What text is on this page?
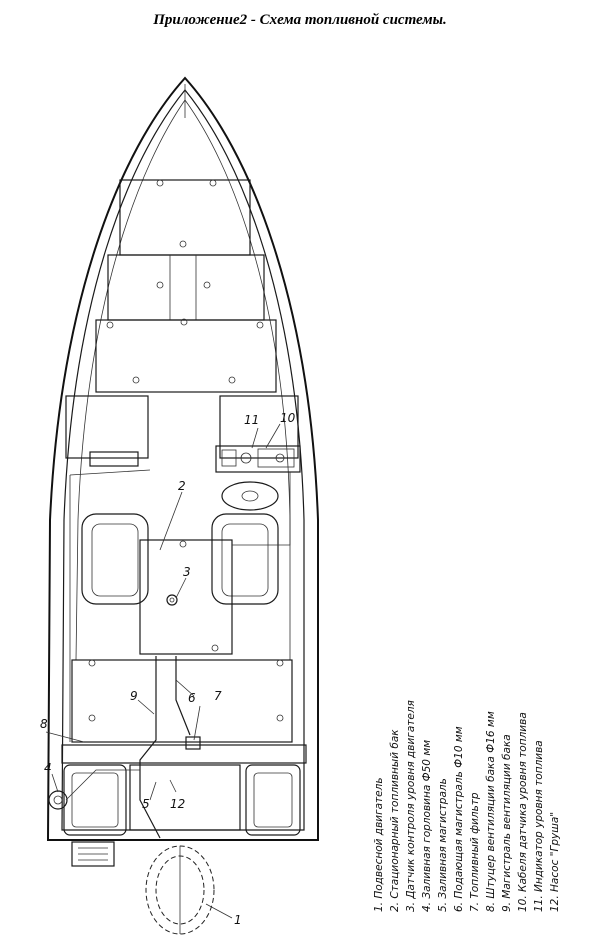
Приложение2 - Схема топливной системы.
1
2
3
4
5
6 7
8
9
10
11
12	1. Подвесной двигатель 2. Стационарный топливный бак 3. Датчик контроля уровня двигателя 4. Заливная горловина Ф50 мм 5. Заливная магистраль 6. Подающая магистраль Ф10 мм 7. Топливный фильтр 8. Штуцер вентиляции бака Ф16 мм 9. Магистраль вентиляции бака 10. Кабеля датчика уровня топлива 11. Индикатор уровня топлива 12. Насос "Груша"
